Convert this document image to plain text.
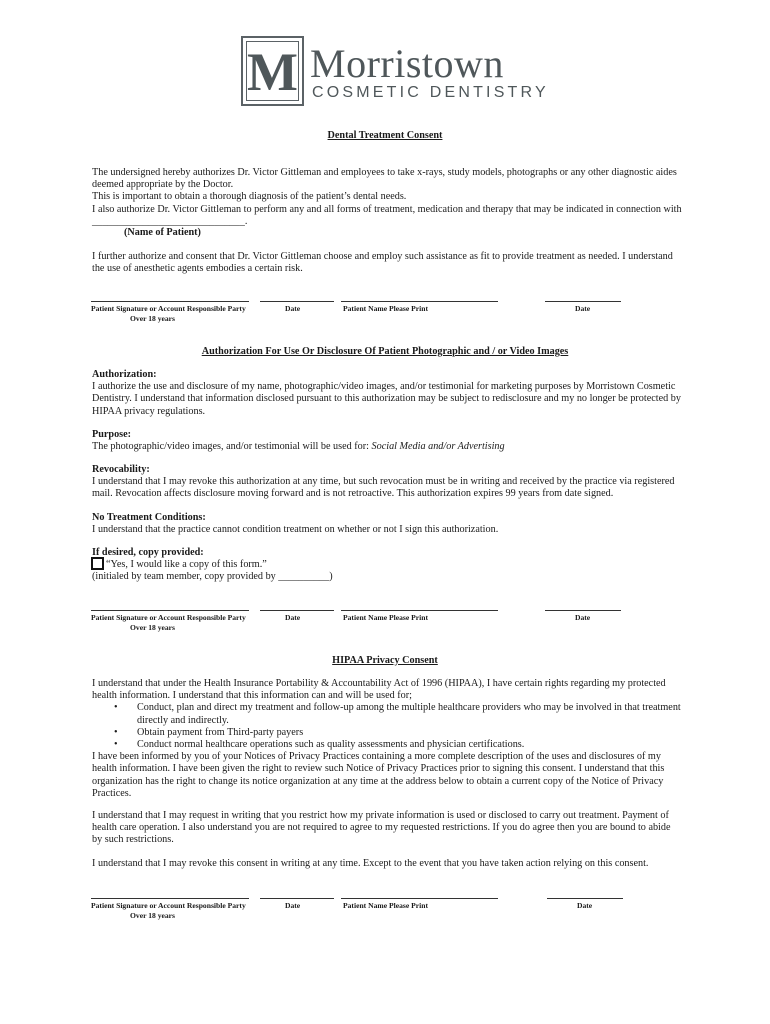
M Morristown
COSMETIC DENTISTRY
Dental Treatment Consent

The undersigned hereby authorizes Dr. Victor Gittleman and employees to take x-rays, study models, photographs or any other diagnostic aides

deemed appropriate by the Doctor.

This is important to obtain a thorough diagnosis of the patient’s dental needs.

I also authorize Dr. Victor Gittleman to perform any and all forms of treatment, medication and therapy that may be indicated in connection with

______________________________.

(Name of Patient)
I further authorize and consent that Dr. Victor Gittleman choose and employ such assistance as fit to provide treatment as needed. I understand the use of anesthetic agents embodies a certain risk.
Patient Signature or Account Responsible Party
Over 18 years
Date	Patient Name Please Print	Date
Authorization For Use Or Disclosure Of Patient Photographic and / or Video Images

Authorization:

I authorize the use and disclosure of my name, photographic/video images, and/or testimonial for marketing purposes by Morristown Cosmetic Dentistry. I understand that information disclosed pursuant to this authorization may be subject to redisclosure and my no longer be protected by HIPAA privacy regulations.

Purpose:

The photographic/video images, and/or testimonial will be used for: Social Media and/or Advertising

Revocability:

I understand that I may revoke this authorization at any time, but such revocation must be in writing and received by the practice via registered mail. Revocation affects disclosure moving forward and is not retroactive. This authorization expires 99 years from date signed.

No Treatment Conditions:

I understand that the practice cannot condition treatment on whether or not I sign this authorization.

If desired, copy provided:

“Yes, I would like a copy of this form.”

(initialed by team member, copy provided by __________)

Patient Signature or Account Responsible Party
Over 18 years
Date	Patient Name Please Print	Date
HIPAA Privacy Consent

I understand that under the Health Insurance Portability & Accountability Act of 1996 (HIPAA), I have certain rights regarding my protected health information. I understand that this information can and will be used for;

• Conduct, plan and direct my treatment and follow-up among the multiple healthcare providers who may be involved in that treatment directly and indirectly.
• Obtain payment from Third-party payers
• Conduct normal healthcare operations such as quality assessments and physician certifications.

I have been informed by you of your Notices of Privacy Practices containing a more complete description of the uses and disclosures of my health information. I have been given the right to review such Notice of Privacy Practices prior to signing this consent. I understand that this organization has the right to change its notice organization at any time at the address below to obtain a current copy of the Notice of Privacy Practices.

I understand that I may request in writing that you restrict how my private information is used or disclosed to carry out treatment. Payment of health care operation. I also understand you are not required to agree to my requested restrictions. If you do agree then you are bound to abide by such restrictions.
I understand that I may revoke this consent in writing at any time. Except to the event that you have taken action relying on this consent.
Patient Signature or Account Responsible Party
Over 18 years
Date	Patient Name Please Print	Date
